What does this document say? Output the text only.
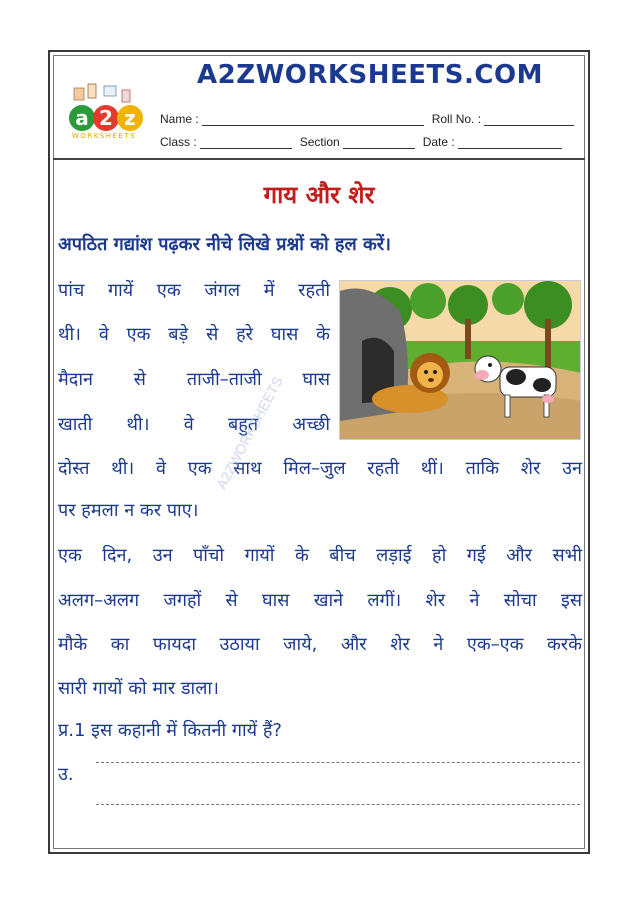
a 2 z
WORKSHEETS
A2ZWORKSHEETS.COM
Name :	Roll No. :
Class :	Section	Date :
गाय और शेर
अपठित गद्यांश पढ़कर नीचे लिखे प्रश्नों को हल करें।
पांच गायें एक जंगल में रहती
थी। वे एक बड़े से हरे घास के
मैदान से ताजी–ताजी घास
खाती थी। वे बहुत अच्छी
दोस्त थी। वे एक साथ मिल–जुल रहती थीं। ताकि शेर उन
पर हमला न कर पाए।
एक दिन, उन पाँचो गायों के बीच लड़ाई हो गई और सभी
अलग–अलग जगहों से घास खाने लगीं। शेर ने सोचा इस
मौके का फायदा उठाया जाये, और शेर ने एक–एक करके
सारी गायों को मार डाला।
A2ZWORKSHEETS
प्र.1 इस कहानी में कितनी गायें हैं?
उ.
